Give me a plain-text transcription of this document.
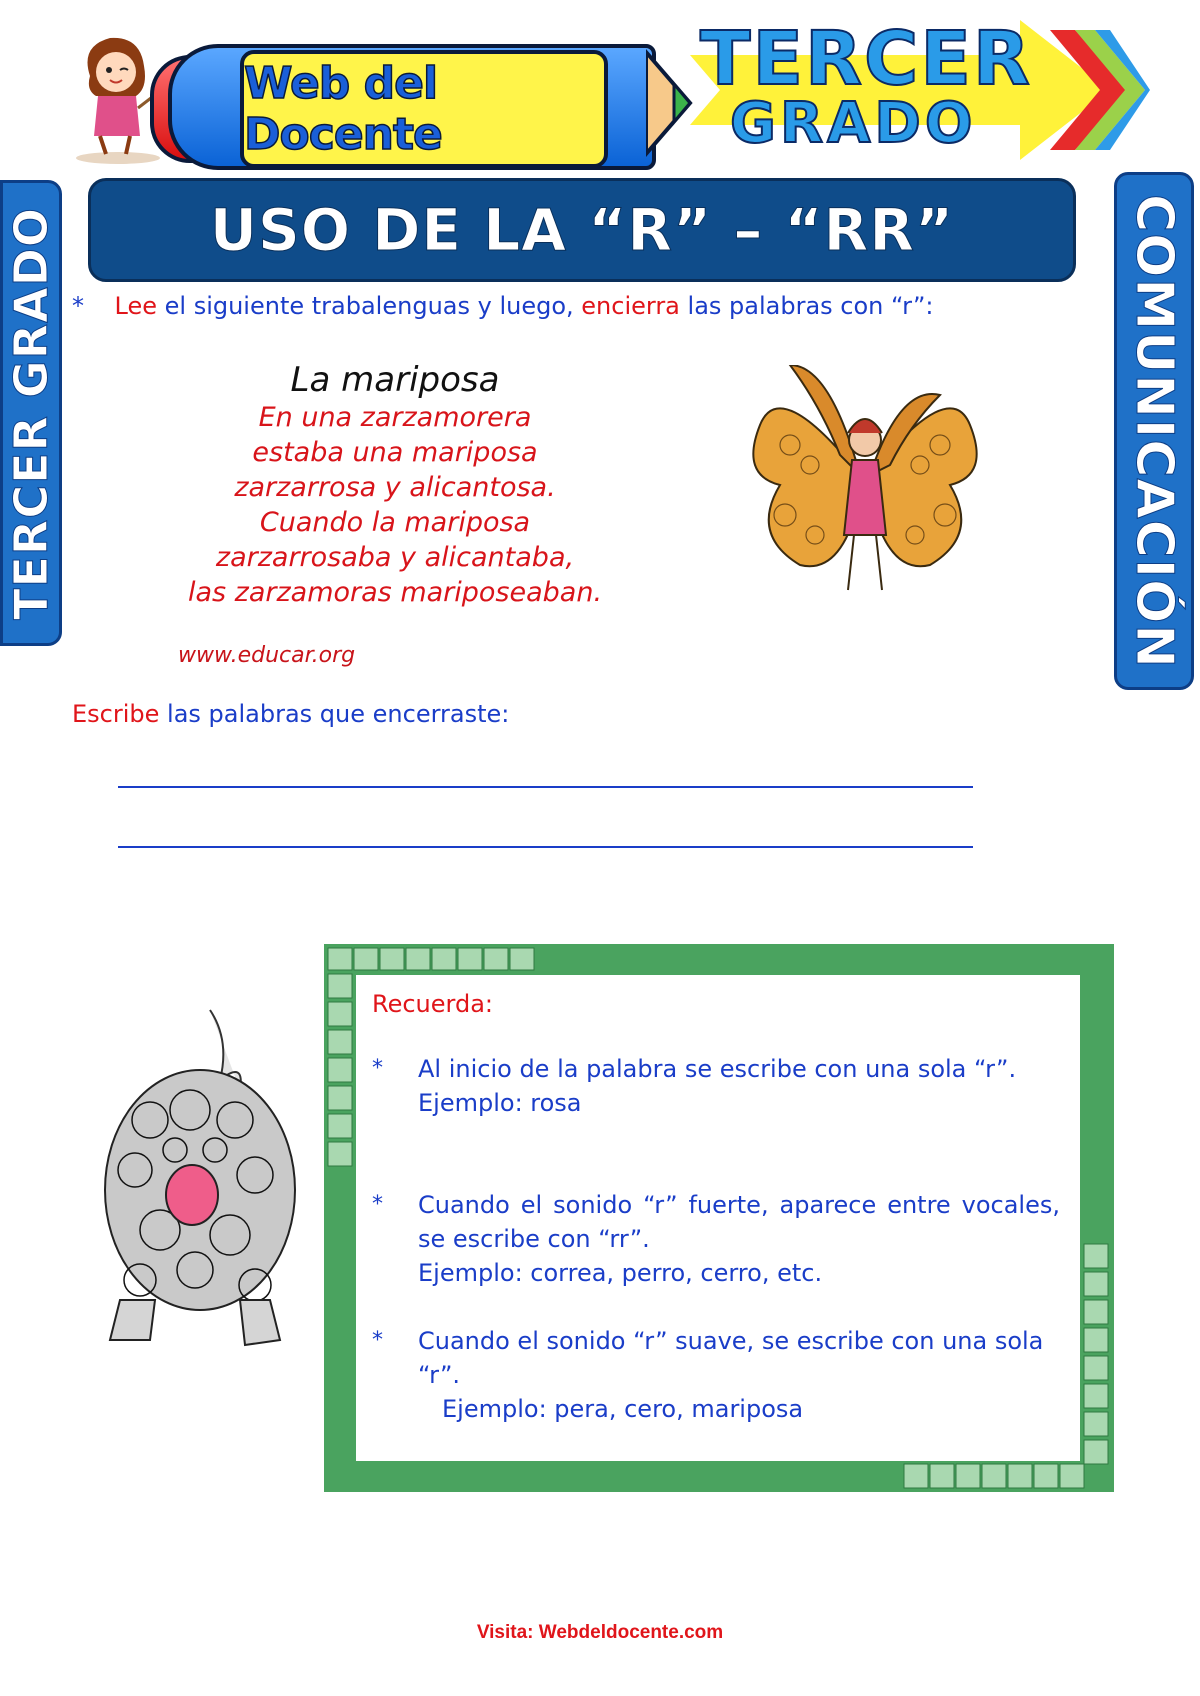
Web del Docente
TERCER
GRADO
TERCER GRADO	COMUNICACIÓN
USO DE LA “R” – “RR”
* Lee el siguiente trabalenguas y luego, encierra las palabras con “r”:
La mariposa
En una zarzamorera
estaba una mariposa
zarzarrosa y alicantosa.
Cuando la mariposa
zarzarrosaba y alicantaba,
las zarzamoras mariposeaban.
www.educar.org
Escribe las palabras que encerraste:
Recuerda:
* Al inicio de la palabra se escribe con una sola “r”.
Ejemplo: rosa
* Cuando el sonido “r” fuerte, aparece entre vocales, se escribe con “rr”.
Ejemplo: correa, perro, cerro, etc.
* Cuando el sonido “r” suave, se escribe con una sola “r”.
Ejemplo: pera, cero, mariposa
Visita: Webdeldocente.com
